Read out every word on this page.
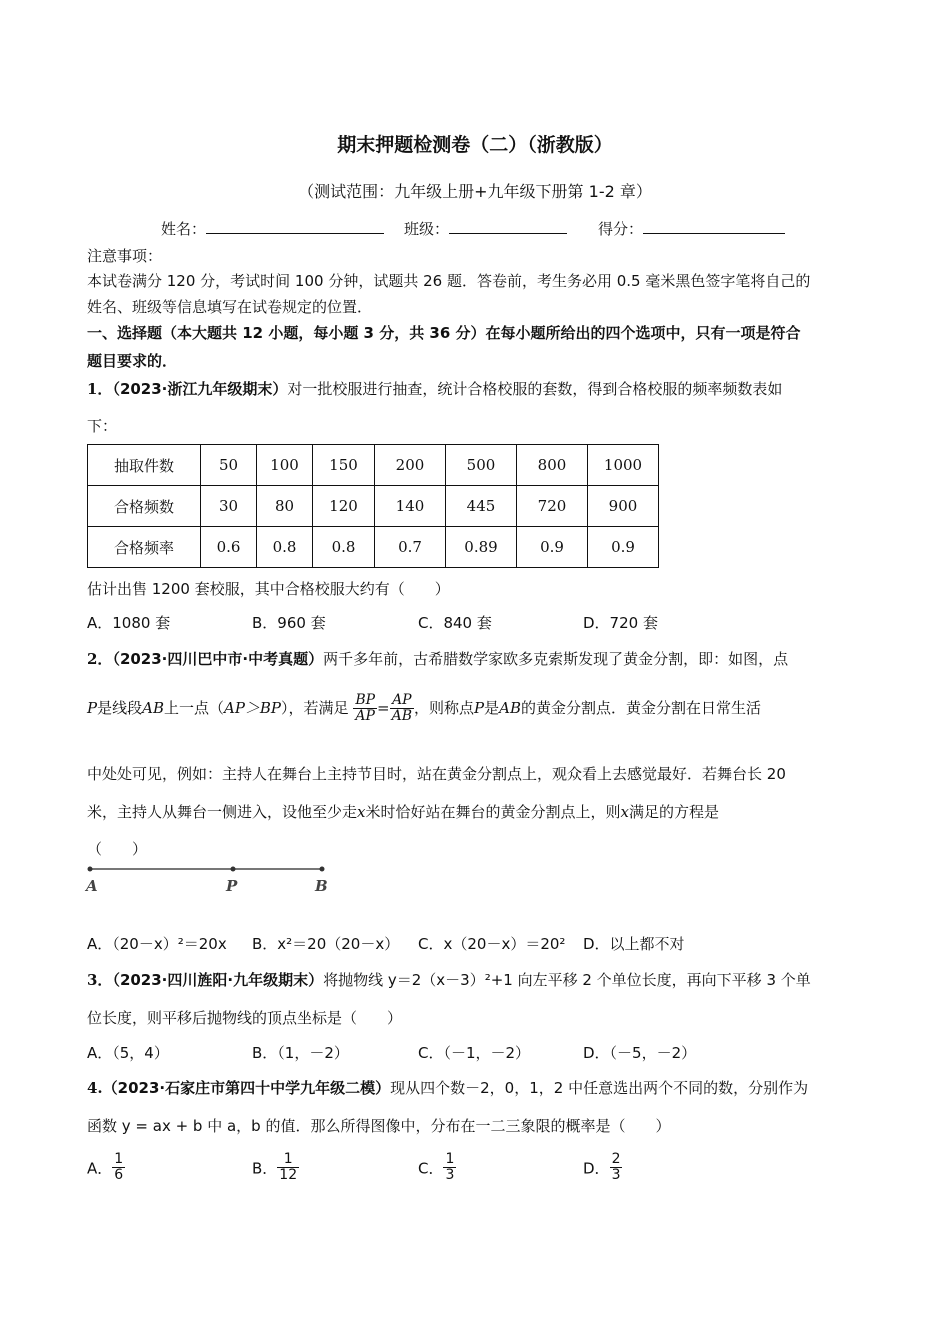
期末押题检测卷（二）（浙教版）
（测试范围：九年级上册+九年级下册第 1-2 章）
姓名：	班级：	得分：
注意事项：
本试卷满分 120 分，考试时间 100 分钟，试题共 26 题．答卷前，考生务必用 0.5 毫米黑色签字笔将自己的
姓名、班级等信息填写在试卷规定的位置．
一、选择题（本大题共 12 小题，每小题 3 分，共 36 分）在每小题所给出的四个选项中，只有一项是符合
题目要求的．
1．（2023·浙江九年级期末）对一批校服进行抽查，统计合格校服的套数，得到合格校服的频率频数表如
下：
抽取件数	50	100	150	200	500	800	1000
合格频数	30	80	120	140	445	720	900
合格频率	0.6	0.8	0.8	0.7	0.89	0.9	0.9
估计出售 1200 套校服，其中合格校服大约有（　　）
A．1080 套	B．960 套	C．840 套	D．720 套
2．（2023·四川巴中市·中考真题）两千多年前，古希腊数学家欧多克索斯发现了黄金分割，即：如图，点
P是线段AB上一点（AP＞BP），若满足 $\frac{BP}{AP} = \frac{AP}{AB}$ ，则称点P是AB的黄金分割点．黄金分割在日常生活
中处处可见，例如：主持人在舞台上主持节目时，站在黄金分割点上，观众看上去感觉最好．若舞台长 20
米，主持人从舞台一侧进入，设他至少走x米时恰好站在舞台的黄金分割点上，则x满足的方程是
（　　）
A	P	B
A．（20－x）²＝20x B．x²＝20（20－x） C．x（20－x）＝20² D．以上都不对
3．（2023·四川旌阳·九年级期末）将抛物线 y＝2（x－3）²+1 向左平移 2 个单位长度，再向下平移 3 个单
位长度，则平移后抛物线的顶点坐标是（　　）
A．（5，4）	B．（1，－2）	C．（－1，－2）	D．（－5，－2）
4.（2023·石家庄市第四十中学九年级二模）现从四个数－2，0，1，2 中任意选出两个不同的数，分别作为
函数 y = ax + b 中 a，b 的值．那么所得图像中，分布在一二三象限的概率是（　　）
A． $\frac{1}{6}$	B． $\frac{1}{12}$	C． $\frac{1}{3}$	D． $\frac{2}{3}$
